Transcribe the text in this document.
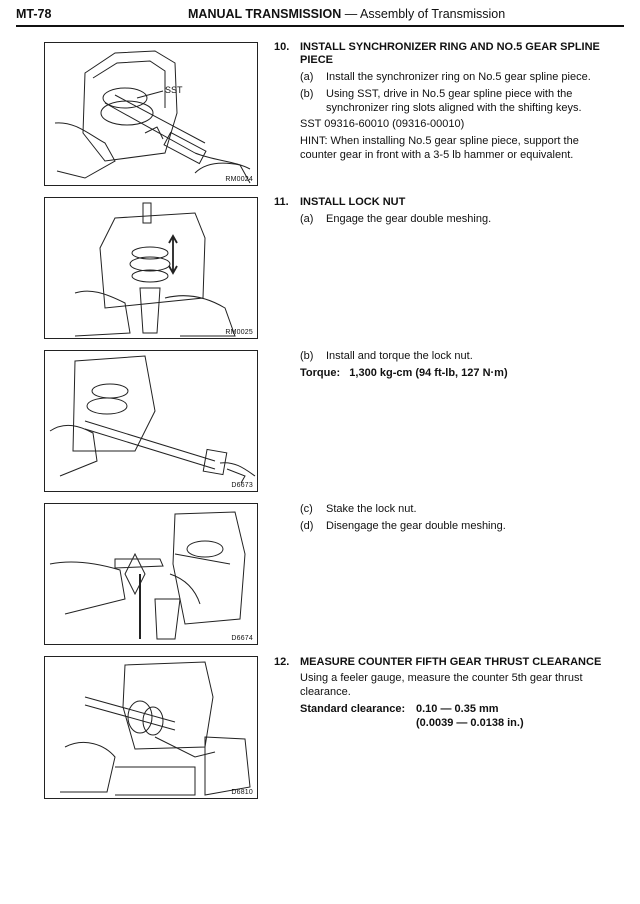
MT-78	MANUAL TRANSMISSION — Assembly of Transmission
SST
RM0024
RM0025
D6673
D6674
D6810
10. INSTALL SYNCHRONIZER RING AND NO.5 GEAR SPLINE
PIECE
(a) Install the synchronizer ring on No.5 gear spline piece.
(b) Using SST, drive in No.5 gear spline piece with the
synchronizer ring slots aligned with the shifting keys.
SST 09316-60010 (09316-00010)
HINT: When installing No.5 gear spline piece, support the
counter gear in front with a 3-5 lb hammer or equivalent.
11. INSTALL LOCK NUT
(a) Engage the gear double meshing.
(b) Install and torque the lock nut.
Torque: 1,300 kg-cm (94 ft-lb, 127 N·m)
(c) Stake the lock nut.
(d) Disengage the gear double meshing.
12. MEASURE COUNTER FIFTH GEAR THRUST CLEARANCE
Using a feeler gauge, measure the counter 5th gear thrust
clearance.
Standard clearance: 0.10 — 0.35 mm
(0.0039 — 0.0138 in.)
